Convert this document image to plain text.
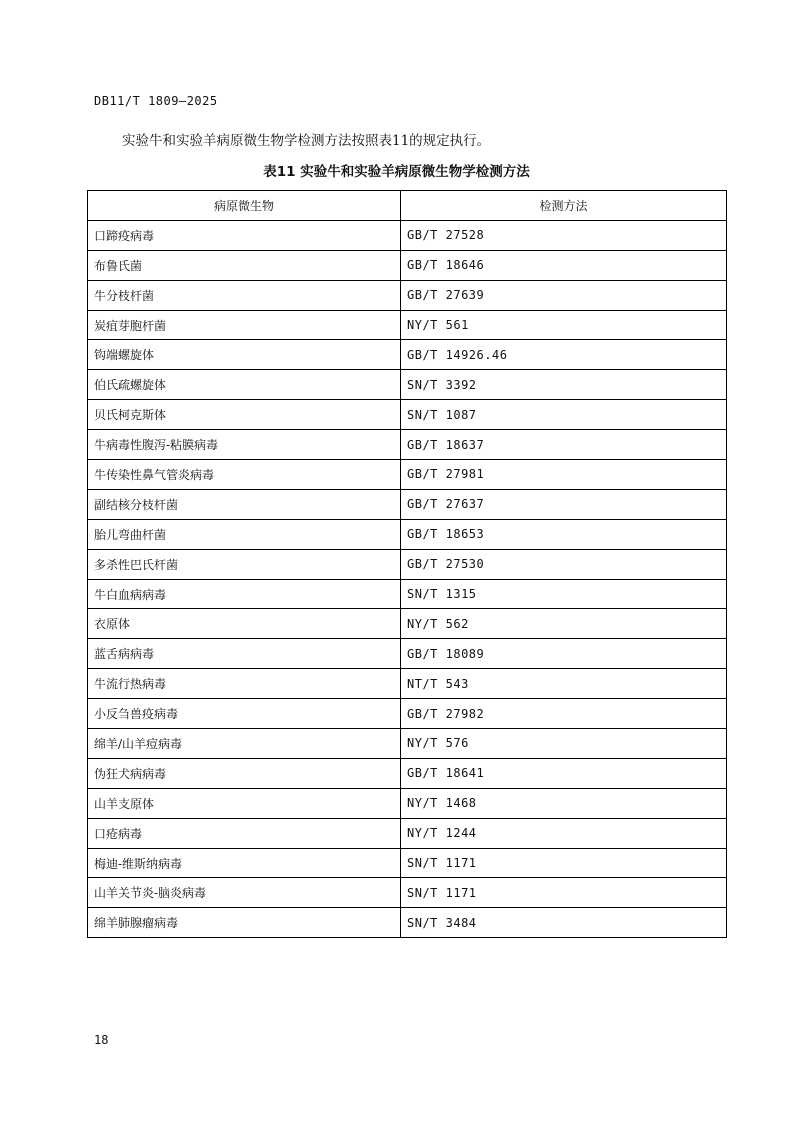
DB11/T 1809—2025
实验牛和实验羊病原微生物学检测方法按照表11的规定执行。
表11 实验牛和实验羊病原微生物学检测方法
病原微生物	检测方法
口蹄疫病毒	GB/T 27528
布鲁氏菌	GB/T 18646
牛分枝杆菌	GB/T 27639
炭疽芽胞杆菌	NY/T 561
钩端螺旋体	GB/T 14926.46
伯氏疏螺旋体	SN/T 3392
贝氏柯克斯体	SN/T 1087
牛病毒性腹泻-粘膜病毒	GB/T 18637
牛传染性鼻气管炎病毒	GB/T 27981
副结核分枝杆菌	GB/T 27637
胎儿弯曲杆菌	GB/T 18653
多杀性巴氏杆菌	GB/T 27530
牛白血病病毒	SN/T 1315
衣原体	NY/T 562
蓝舌病病毒	GB/T 18089
牛流行热病毒	NT/T 543
小反刍兽疫病毒	GB/T 27982
绵羊/山羊痘病毒	NY/T 576
伪狂犬病病毒	GB/T 18641
山羊支原体	NY/T 1468
口疮病毒	NY/T 1244
梅迪-维斯纳病毒	SN/T 1171
山羊关节炎-脑炎病毒	SN/T 1171
绵羊肺腺瘤病毒	SN/T 3484
18
